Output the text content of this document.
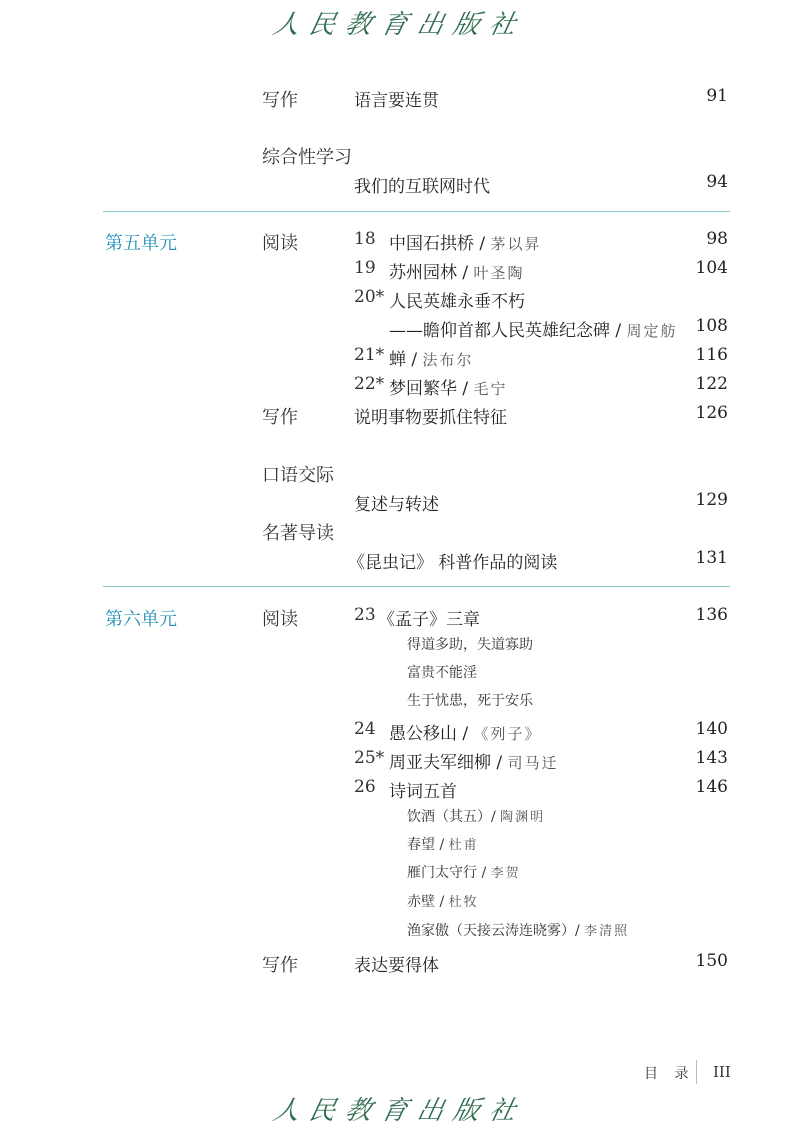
人民教育出版社
写作	语言要连贯	91
综合性学习
我们的互联网时代	94
第五单元	阅读	18 中国石拱桥 / 茅以昇	98
19 苏州园林 / 叶圣陶	104
20* 人民英雄永垂不朽
——瞻仰首都人民英雄纪念碑 / 周定舫 108
21* 蝉 / 法布尔	116
22* 梦回繁华 / 毛宁	122
写作	说明事物要抓住特征	126
口语交际
复述与转述	129
名著导读
《昆虫记》 科普作品的阅读	131
第六单元	阅读	23 《孟子》三章	136
得道多助，失道寡助
富贵不能淫
生于忧患，死于安乐
24 愚公移山 / 《列子》	140
25* 周亚夫军细柳 / 司马迁	143
26 诗词五首	146
饮酒（其五）/ 陶渊明
春望 / 杜甫
雁门太守行 / 李贺
赤壁 / 杜牧
渔家傲（天接云涛连晓雾）/ 李清照
写作	表达要得体	150
目 录 III
人民教育出版社
